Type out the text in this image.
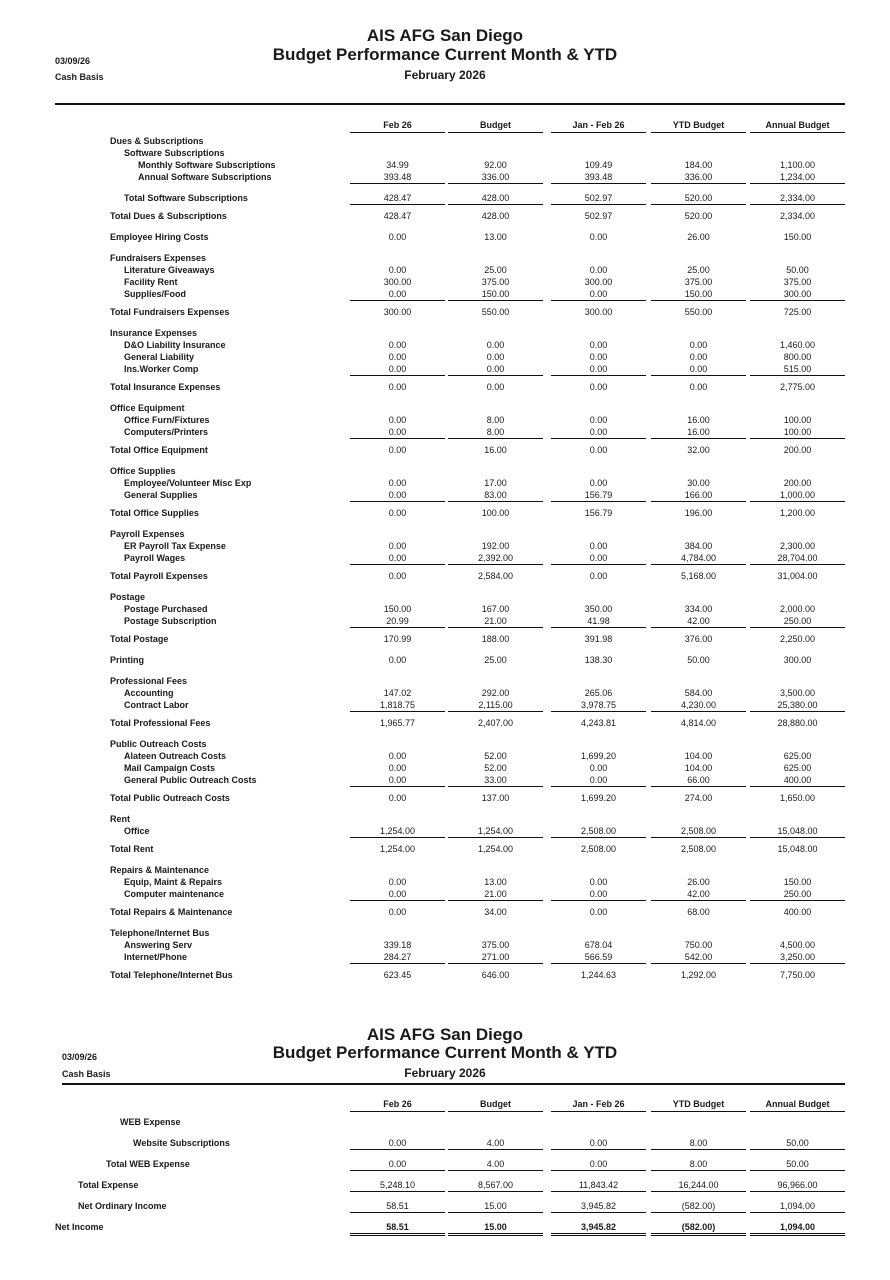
AIS AFG San Diego
Budget Performance Current Month & YTD
February 2026
03/09/26
Cash Basis
Feb 26	Budget	Jan - Feb 26	YTD Budget	Annual Budget
Dues & Subscriptions
Software Subscriptions
Monthly Software Subscriptions	34.99	92.00	109.49	184.00	1,100.00
Annual Software Subscriptions	393.48	336.00	393.48	336.00	1,234.00
Total Software Subscriptions	428.47	428.00	502.97	520.00	2,334.00
Total Dues & Subscriptions	428.47	428.00	502.97	520.00	2,334.00
Employee Hiring Costs	0.00	13.00	0.00	26.00	150.00
Fundraisers Expenses
Literature Giveaways	0.00	25.00	0.00	25.00	50.00
Facility Rent	300.00	375.00	300.00	375.00	375.00
Supplies/Food	0.00	150.00	0.00	150.00	300.00
Total Fundraisers Expenses	300.00	550.00	300.00	550.00	725.00
Insurance Expenses
D&O Liability Insurance	0.00	0.00	0.00	0.00	1,460.00
General Liability	0.00	0.00	0.00	0.00	800.00
Ins.Worker Comp	0.00	0.00	0.00	0.00	515.00
Total Insurance Expenses	0.00	0.00	0.00	0.00	2,775.00
Office Equipment
Office Furn/Fixtures	0.00	8.00	0.00	16.00	100.00
Computers/Printers	0.00	8.00	0.00	16.00	100.00
Total Office Equipment	0.00	16.00	0.00	32.00	200.00
Office Supplies
Employee/Volunteer Misc Exp	0.00	17.00	0.00	30.00	200.00
General Supplies	0.00	83.00	156.79	166.00	1,000.00
Total Office Supplies	0.00	100.00	156.79	196.00	1,200.00
Payroll Expenses
ER Payroll Tax Expense	0.00	192.00	0.00	384.00	2,300.00
Payroll Wages	0.00	2,392.00	0.00	4,784.00	28,704.00
Total Payroll Expenses	0.00	2,584.00	0.00	5,168.00	31,004.00
Postage
Postage Purchased	150.00	167.00	350.00	334.00	2,000.00
Postage Subscription	20.99	21.00	41.98	42.00	250.00
Total Postage	170.99	188.00	391.98	376.00	2,250.00
Printing	0.00	25.00	138.30	50.00	300.00
Professional Fees
Accounting	147.02	292.00	265.06	584.00	3,500.00
Contract Labor	1,818.75	2,115.00	3,978.75	4,230.00	25,380.00
Total Professional Fees	1,965.77	2,407.00	4,243.81	4,814.00	28,880.00
Public Outreach Costs
Alateen Outreach Costs	0.00	52.00	1,699.20	104.00	625.00
Mail Campaign Costs	0.00	52.00	0.00	104.00	625.00
General Public Outreach Costs	0.00	33.00	0.00	66.00	400.00
Total Public Outreach Costs	0.00	137.00	1,699.20	274.00	1,650.00
Rent
Office	1,254.00	1,254.00	2,508.00	2,508.00	15,048.00
Total Rent	1,254.00	1,254.00	2,508.00	2,508.00	15,048.00
Repairs & Maintenance
Equip, Maint & Repairs	0.00	13.00	0.00	26.00	150.00
Computer maintenance	0.00	21.00	0.00	42.00	250.00
Total Repairs & Maintenance	0.00	34.00	0.00	68.00	400.00
Telephone/Internet Bus
Answering Serv	339.18	375.00	678.04	750.00	4,500.00
Internet/Phone	284.27	271.00	566.59	542.00	3,250.00
Total Telephone/Internet Bus	623.45	646.00	1,244.63	1,292.00	7,750.00
AIS AFG San Diego
Budget Performance Current Month & YTD
February 2026
03/09/26
Cash Basis
Feb 26	Budget	Jan - Feb 26	YTD Budget	Annual Budget
WEB Expense
Website Subscriptions	0.00	4.00	0.00	8.00	50.00
Total WEB Expense	0.00	4.00	0.00	8.00	50.00
Total Expense	5,248.10	8,567.00	11,843.42	16,244.00	96,966.00
Net Ordinary Income	58.51	15.00	3,945.82	(582.00)	1,094.00
Net Income	58.51	15.00	3,945.82	(582.00)	1,094.00
